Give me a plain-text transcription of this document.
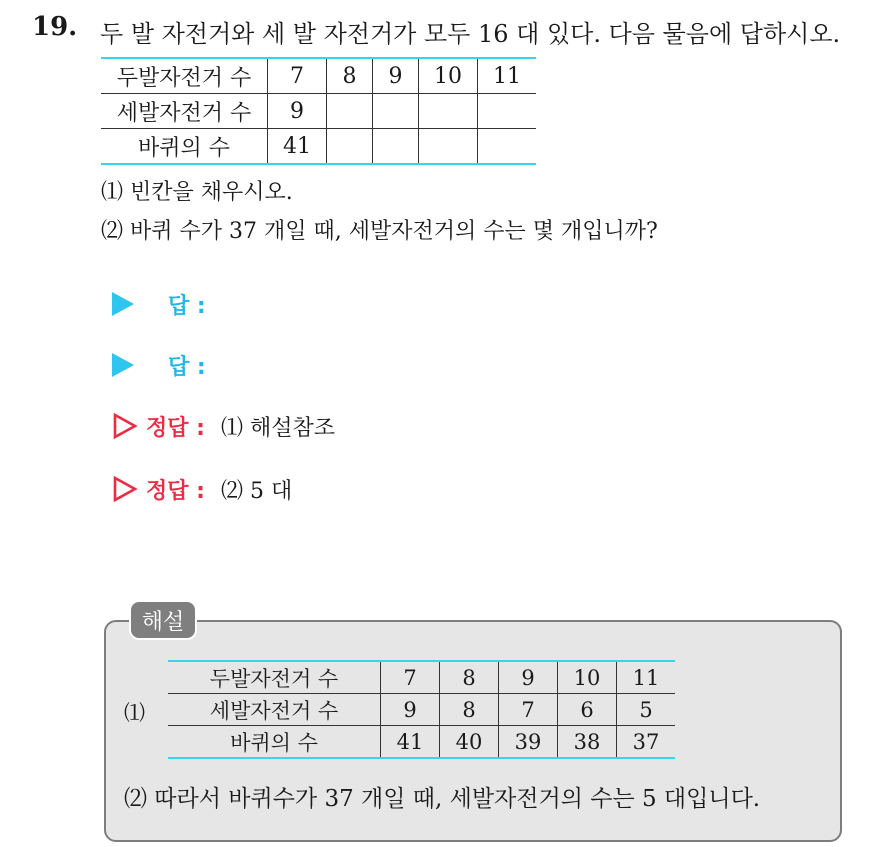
19. 두 발 자전거와 세 발 자전거가 모두 16 대 있다. 다음 물음에 답하시오.
두발자전거 수	7	8	9	10	11
세발자전거 수	9				
바퀴의 수	41				
⑴ 빈칸을 채우시오.
⑵ 바퀴 수가 37 개일 때, 세발자전거의 수는 몇 개입니까?
답 :
답 :
정답 : ⑴ 해설참조
정답 : ⑵ 5 대
해설
⑴
두발자전거 수	7	8	9	10	11
세발자전거 수	9	8	7	6	5
바퀴의 수	41	40	39	38	37
⑵ 따라서 바퀴수가 37 개일 때, 세발자전거의 수는 5 대입니다.
